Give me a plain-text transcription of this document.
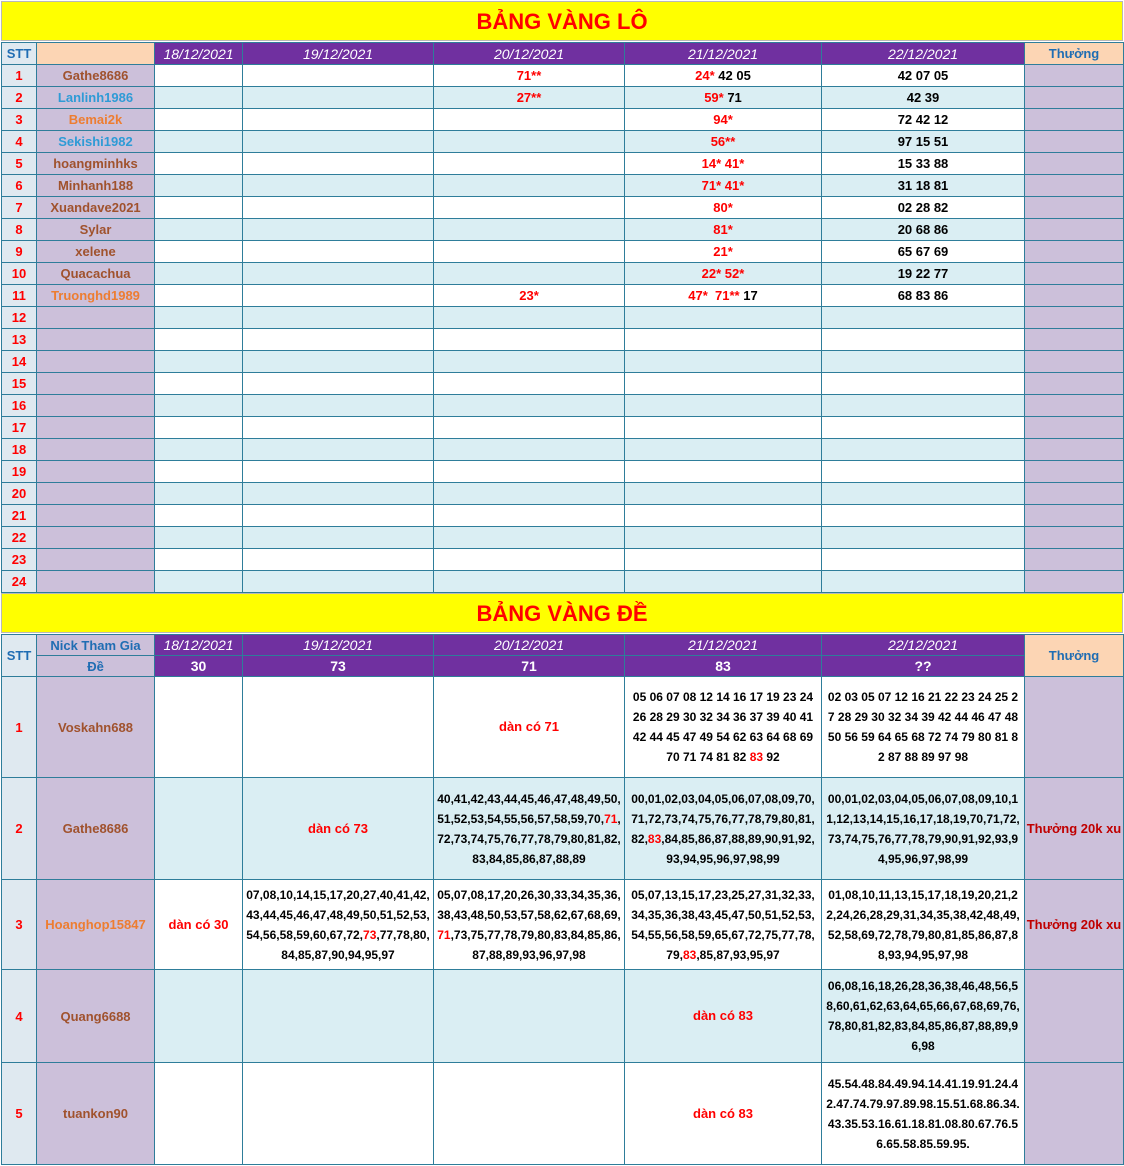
BẢNG VÀNG LÔ
STT		18/12/2021	19/12/2021	20/12/2021	21/12/2021	22/12/2021	Thưởng
1	Gathe8686			71**	24* 42 05	42 07 05	
2	Lanlinh1986			27**	59* 71	42 39	
3	Bemai2k				94*	72 42 12	
4	Sekishi1982				56**	97 15 51	
5	hoangminhks				14* 41*	15 33 88	
6	Minhanh188				71* 41*	31 18 81	
7	Xuandave2021				80*	02 28 82	
8	Sylar				81*	20 68 86	
9	xelene				21*	65 67 69	
10	Quacachua				22* 52*	19 22 77	
11	Truonghd1989			23*	47*  71** 17	68 83 86	
12							
13							
14							
15							
16							
17							
18							
19							
20							
21							
22							
23							
24							
BẢNG VÀNG ĐỀ
STT	Nick Tham Gia	18/12/2021	19/12/2021	20/12/2021	21/12/2021	22/12/2021	Thưởng
	Đề	30	73	71	83	??	
1	Voskahn688			dàn có 71	05 06 07 08 12 14 16 17 19 23 24 26 28 29 30 32 34 36 37 39 40 41 42 44 45 47 49 54 62 63 64 68 69 70 71 74 81 82 83 92	02 03 05 07 12 16 21 22 23 24 25 27 28 29 30 32 34 39 42 44 46 47 48 50 56 59 64 65 68 72 74 79 80 81 82 87 88 89 97 98	
2	Gathe8686		dàn có 73	40,41,42,43,44,45,46,47,48,49,50,51,52,53,54,55,56,57,58,59,70,71,72,73,74,75,76,77,78,79,80,81,82,83,84,85,86,87,88,89	00,01,02,03,04,05,06,07,08,09,70,71,72,73,74,75,76,77,78,79,80,81,82,83,84,85,86,87,88,89,90,91,92,93,94,95,96,97,98,99	00,01,02,03,04,05,06,07,08,09,10,11,12,13,14,15,16,17,18,19,70,71,72,73,74,75,76,77,78,79,90,91,92,93,94,95,96,97,98,99	Thưởng 20k xu
3	Hoanghop15847	dàn có 30	07,08,10,14,15,17,20,27,40,41,42,43,44,45,46,47,48,49,50,51,52,53,54,56,58,59,60,67,72,73,77,78,80,84,85,87,90,94,95,97	05,07,08,17,20,26,30,33,34,35,36,38,43,48,50,53,57,58,62,67,68,69,71,73,75,77,78,79,80,83,84,85,86,87,88,89,93,96,97,98	05,07,13,15,17,23,25,27,31,32,33,34,35,36,38,43,45,47,50,51,52,53,54,55,56,58,59,65,67,72,75,77,78,79,83,85,87,93,95,97	01,08,10,11,13,15,17,18,19,20,21,22,24,26,28,29,31,34,35,38,42,48,49,52,58,69,72,78,79,80,81,85,86,87,88,93,94,95,97,98	Thưởng 20k xu
4	Quang6688				dàn có 83	06,08,16,18,26,28,36,38,46,48,56,58,60,61,62,63,64,65,66,67,68,69,76,78,80,81,82,83,84,85,86,87,88,89,96,98	
5	tuankon90				dàn có 83	45.54.48.84.49.94.14.41.19.91.24.42.47.74.79.97.89.98.15.51.68.86.34.43.35.53.16.61.18.81.08.80.67.76.56.65.58.85.59.95.	
